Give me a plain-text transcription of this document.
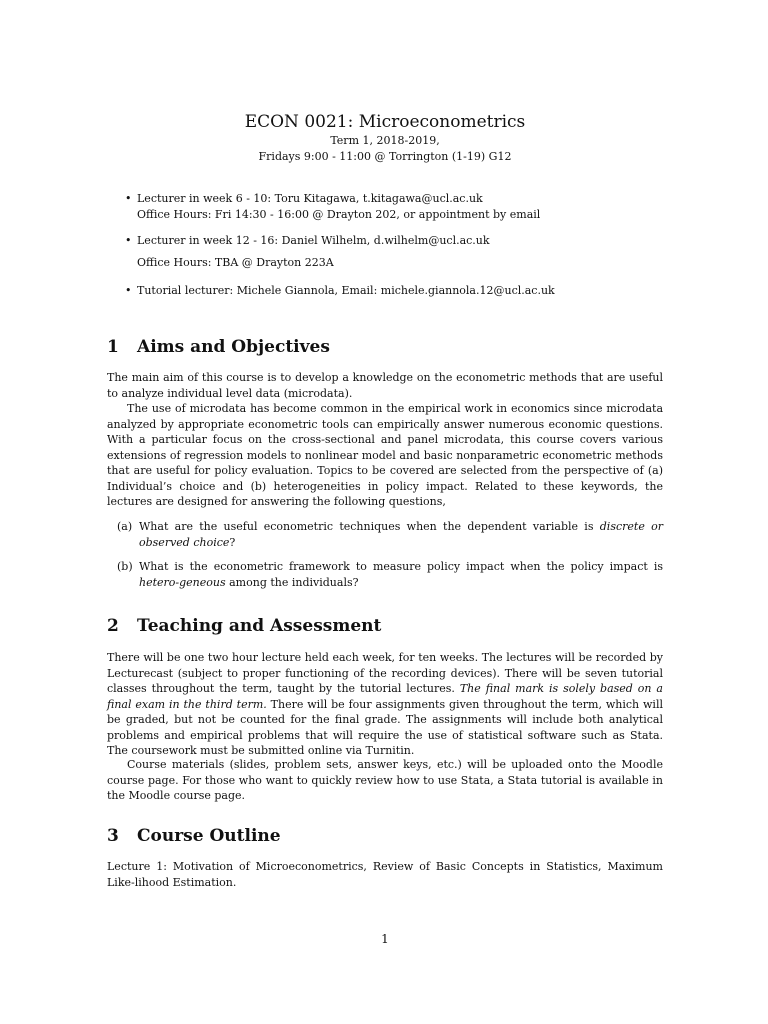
ECON 0021: Microeconometrics
Term 1, 2018-2019,
Fridays 9:00 - 11:00 @ Torrington (1-19) G12
• Lecturer in week 6 - 10: Toru Kitagawa, t.kitagawa@ucl.ac.uk
Office Hours: Fri 14:30 - 16:00 @ Drayton 202, or appointment by email
• Lecturer in week 12 - 16: Daniel Wilhelm, d.wilhelm@ucl.ac.uk
Office Hours: TBA @ Drayton 223A
• Tutorial lecturer: Michele Giannola, Email: michele.giannola.12@ucl.ac.uk
1 Aims and Objectives

The main aim of this course is to develop a knowledge on the econometric methods that are useful to analyze individual level data (microdata).

The use of microdata has become common in the empirical work in economics since microdata analyzed by appropriate econometric tools can empirically answer numerous economic questions. With a particular focus on the cross-sectional and panel microdata, this course covers various extensions of regression models to nonlinear model and basic nonparametric econometric methods that are useful for policy evaluation. Topics to be covered are selected from the perspective of (a) Individual’s choice and (b) heterogeneities in policy impact. Related to these keywords, the lectures are designed for answering the following questions,

(a) What are the useful econometric techniques when the dependent variable is discrete or observed choice?
(b) What is the econometric framework to measure policy impact when the policy impact is hetero-geneous among the individuals?
2 Teaching and Assessment

There will be one two hour lecture held each week, for ten weeks. The lectures will be recorded by Lecturecast (subject to proper functioning of the recording devices). There will be seven tutorial classes throughout the term, taught by the tutorial lectures. The final mark is solely based on a final exam in the third term. There will be four assignments given throughout the term, which will be graded, but not be counted for the final grade. The assignments will include both analytical problems and empirical problems that will require the use of statistical software such as Stata. The coursework must be submitted online via Turnitin.

Course materials (slides, problem sets, answer keys, etc.) will be uploaded onto the Moodle course page. For those who want to quickly review how to use Stata, a Stata tutorial is available in the Moodle course page.

3 Course Outline

Lecture 1: Motivation of Microeconometrics, Review of Basic Concepts in Statistics, Maximum Like-lihood Estimation.

1
